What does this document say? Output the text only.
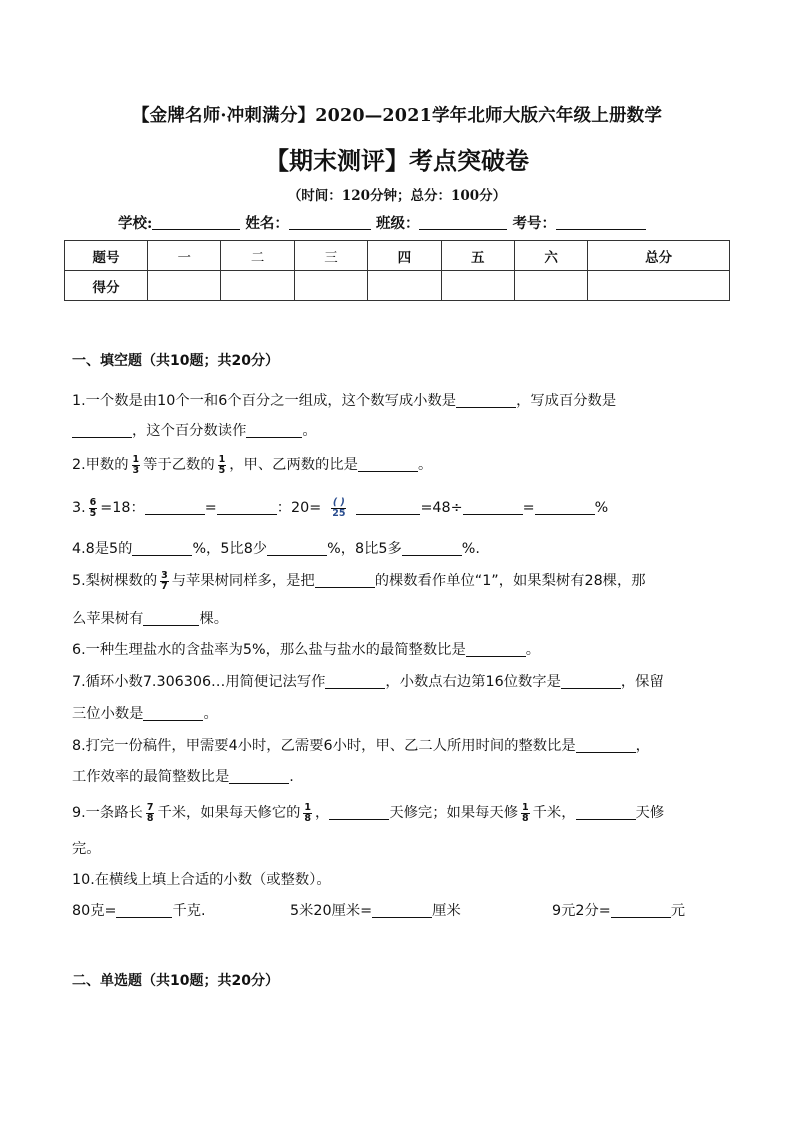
【金牌名师·冲刺满分】2020—2021学年北师大版六年级上册数学
【期末测评】考点突破卷
（时间：120分钟；总分：100分）
学校:	姓名：	班级：	考号：
题号	一	二	三	四	五	六	总分
得分							
一、填空题（共10题；共20分）
1.一个数是由10个一和6个百分之一组成，这个数写成小数是	，写成百分数是
，这个百分数读作	。
2.甲数的 $\frac{1}{3}$ 等于乙数的 $\frac{1}{5}$ ，甲、乙两数的比是	。
3. $\frac{6}{5} =18$：	=	：$20= \frac{( )}{25}$	=48÷	=	%
4.8是5的	%，5比8少	%，8比5多	%.
5.梨树棵数的 $\frac{3}{7}$ 与苹果树同样多，是把	的棵数看作单位“1”，如果梨树有28棵，那
么苹果树有	棵。
6.一种生理盐水的含盐率为5%，那么盐与盐水的最简整数比是	。
7.循环小数7.306306…用简便记法写作	，小数点右边第16位数字是	，保留
三位小数是	。
8.打完一份稿件，甲需要4小时，乙需要6小时，甲、乙二人所用时间的整数比是	，
工作效率的最简整数比是	.
9.一条路长 $\frac{7}{8}$ 千米，如果每天修它的 $\frac{1}{8}$ ，	天修完；如果每天修 $\frac{1}{8}$ 千米，	天修
完。
10.在横线上填上合适的小数（或整数）。
80克=	千克.	5米20厘米=	厘米	9元2分=	元
二、单选题（共10题；共20分）
